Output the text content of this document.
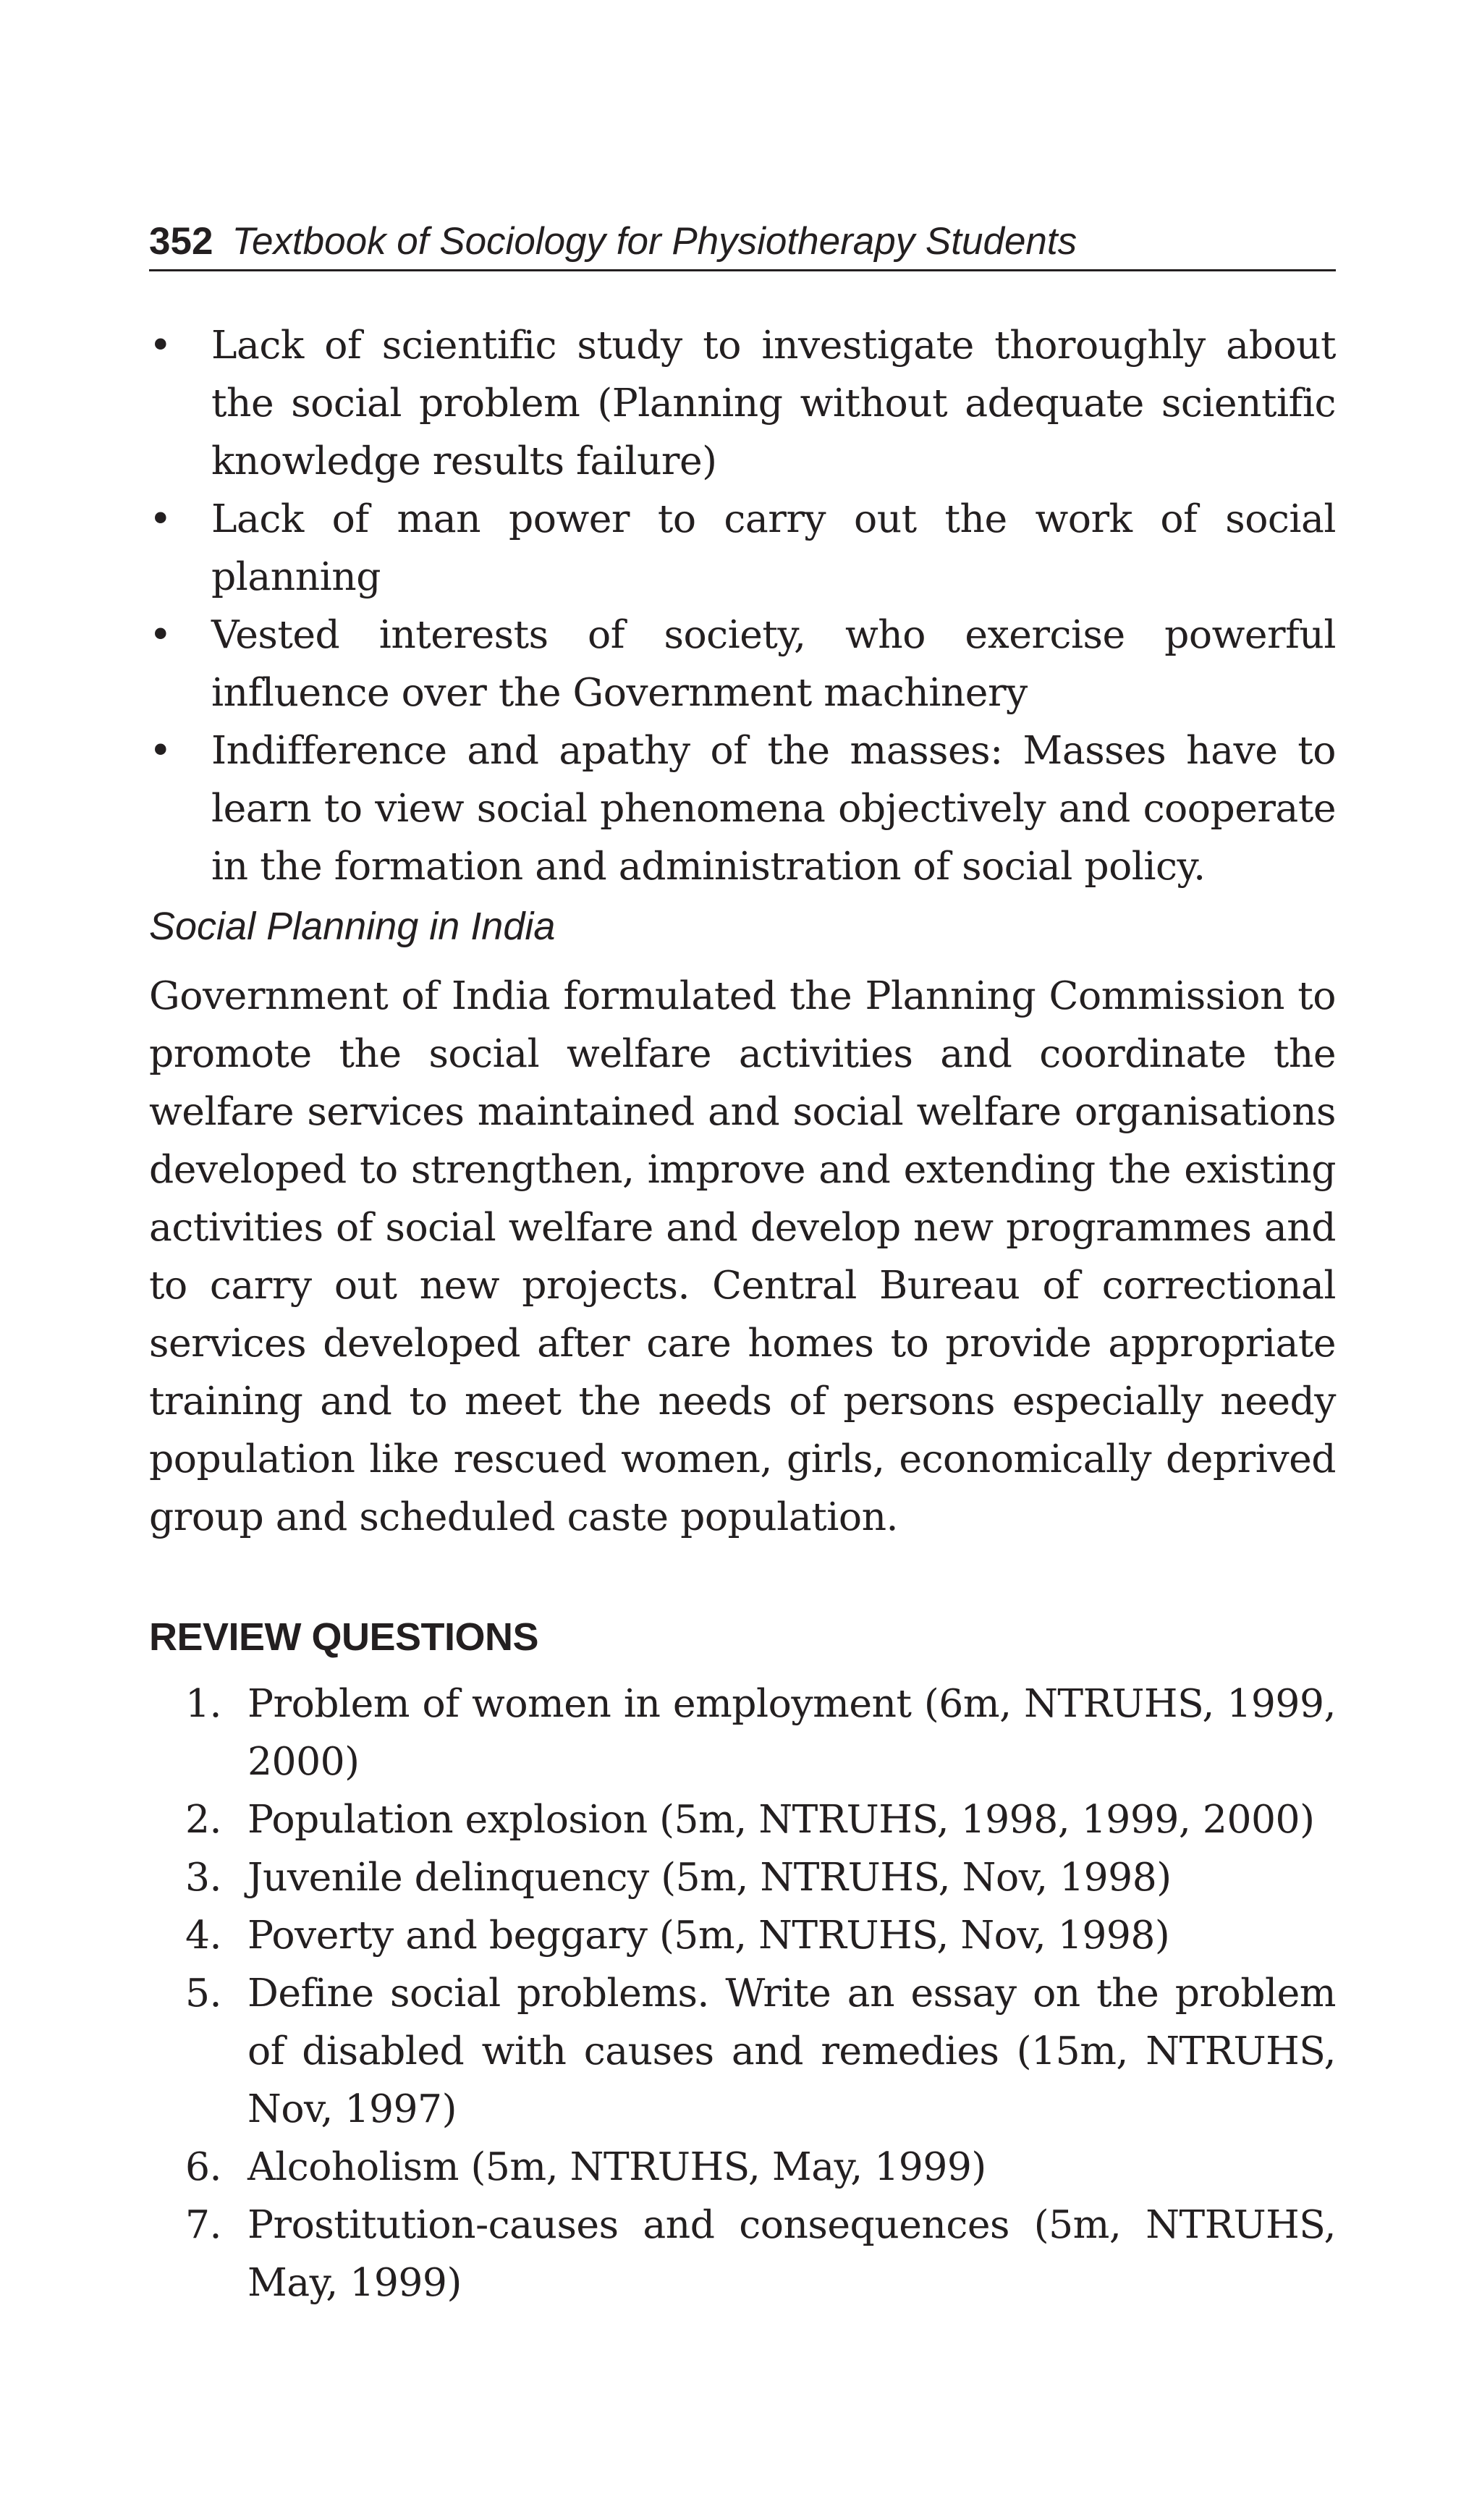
352 Textbook of Sociology for Physiotherapy Students
• Lack of scientific study to investigate thoroughly about the social problem (Planning without adequate scientific knowledge results failure)
• Lack of man power to carry out the work of social planning
• Vested interests of society, who exercise powerful influence over the Government machinery
• Indifference and apathy of the masses: Masses have to learn to view social phenomena objectively and cooperate in the formation and administration of social policy.
Social Planning in India

Government of India formulated the Planning Commission to promote the social welfare activities and coordinate the welfare services maintained and social welfare organisations developed to strengthen, improve and extending the existing activities of social welfare and develop new programmes and to carry out new projects. Central Bureau of correctional services developed after care homes to provide appropriate training and to meet the needs of persons especially needy population like rescued women, girls, economically deprived group and scheduled caste population.

REVIEW QUESTIONS
1. Problem of women in employment (6m, NTRUHS, 1999, 2000)
2. Population explosion (5m, NTRUHS, 1998, 1999, 2000)
3. Juvenile delinquency (5m, NTRUHS, Nov, 1998)
4. Poverty and beggary (5m, NTRUHS, Nov, 1998)
5. Define social problems. Write an essay on the problem of disabled with causes and remedies (15m, NTRUHS, Nov, 1997)
6. Alcoholism (5m, NTRUHS, May, 1999)
7. Prostitution-causes and consequences (5m, NTRUHS, May, 1999)
